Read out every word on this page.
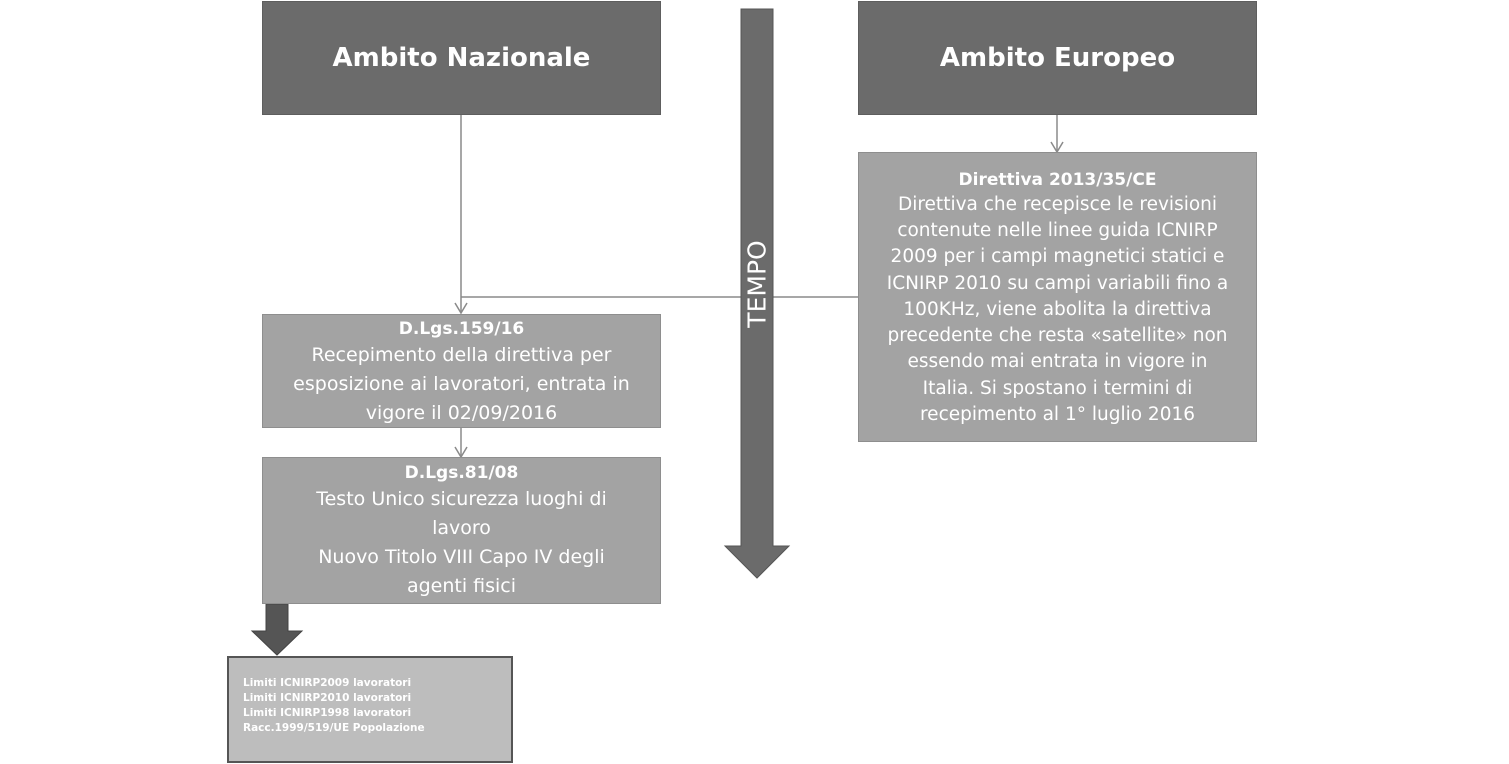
TEMPO
Ambito Nazionale	Ambito Europeo
D.Lgs.159/16
Recepimento della direttiva per
esposizione ai lavoratori, entrata in
vigore il 02/09/2016
D.Lgs.81/08
Testo Unico sicurezza luoghi di
lavoro
Nuovo Titolo VIII Capo IV degli
agenti fisici
Direttiva 2013/35/CE
Direttiva che recepisce le revisioni
contenute nelle linee guida ICNIRP
2009 per i campi magnetici statici e
ICNIRP 2010 su campi variabili fino a
100KHz, viene abolita la direttiva
precedente che resta «satellite» non
essendo mai entrata in vigore in
Italia. Si spostano i termini di
recepimento al 1° luglio 2016
Limiti ICNIRP2009 lavoratori
Limiti ICNIRP2010 lavoratori
Limiti ICNIRP1998 lavoratori
Racc.1999/519/UE Popolazione
